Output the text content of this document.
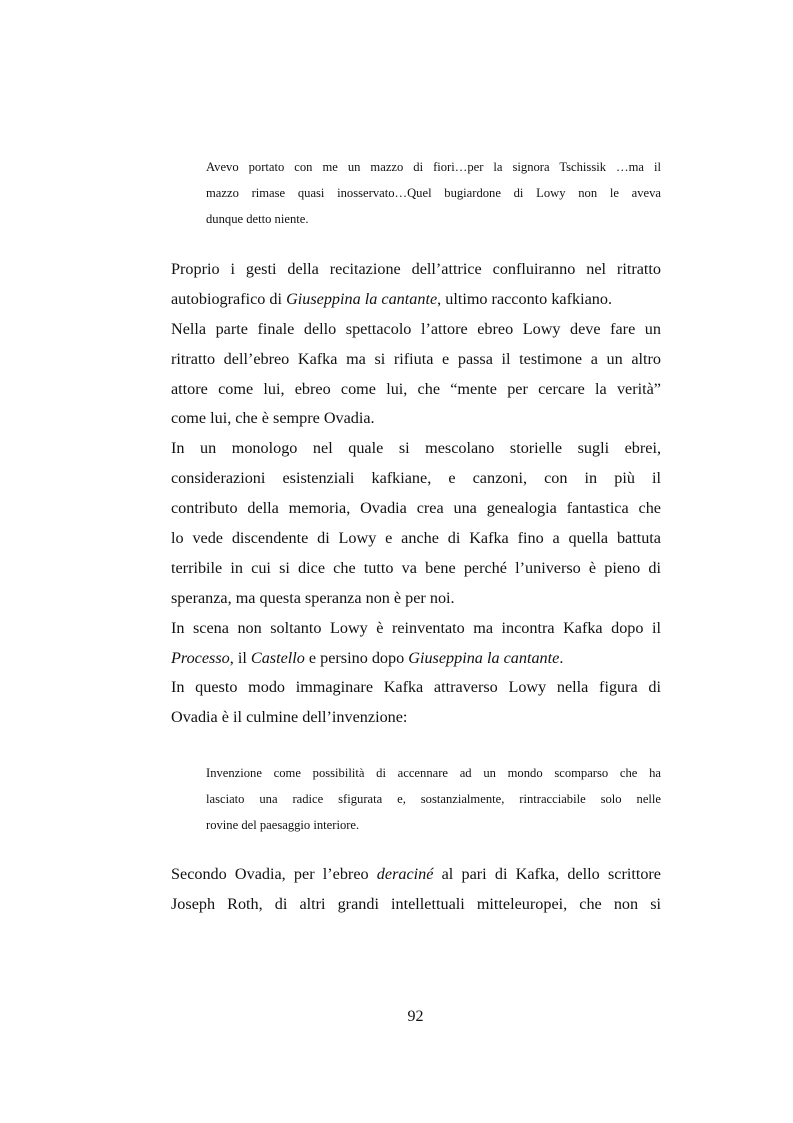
Avevo portato con me un mazzo di fiori…per la signora Tschissik …ma il
mazzo rimase quasi inosservato…Quel bugiardone di Lowy non le aveva
dunque detto niente.
Proprio i gesti della recitazione dell’attrice confluiranno nel ritratto
autobiografico di Giuseppina la cantante, ultimo racconto kafkiano.
Nella parte finale dello spettacolo l’attore ebreo Lowy deve fare un
ritratto dell’ebreo Kafka ma si rifiuta e passa il testimone a un altro
attore come lui, ebreo come lui, che “mente per cercare la verità”
come lui, che è sempre Ovadia.
In un monologo nel quale si mescolano storielle sugli ebrei,
considerazioni esistenziali kafkiane, e canzoni, con in più il
contributo della memoria, Ovadia crea una genealogia fantastica che
lo vede discendente di Lowy e anche di Kafka fino a quella battuta
terribile in cui si dice che tutto va bene perché l’universo è pieno di
speranza, ma questa speranza non è per noi.
In scena non soltanto Lowy è reinventato ma incontra Kafka dopo il
Processo, il Castello e persino dopo Giuseppina la cantante.
In questo modo immaginare Kafka attraverso Lowy nella figura di
Ovadia è il culmine dell’invenzione:
Invenzione come possibilità di accennare ad un mondo scomparso che ha
lasciato una radice sfigurata e, sostanzialmente, rintracciabile solo nelle
rovine del paesaggio interiore.
Secondo Ovadia, per l’ebreo deraciné al pari di Kafka, dello scrittore
Joseph Roth, di altri grandi intellettuali mitteleuropei, che non si
92
